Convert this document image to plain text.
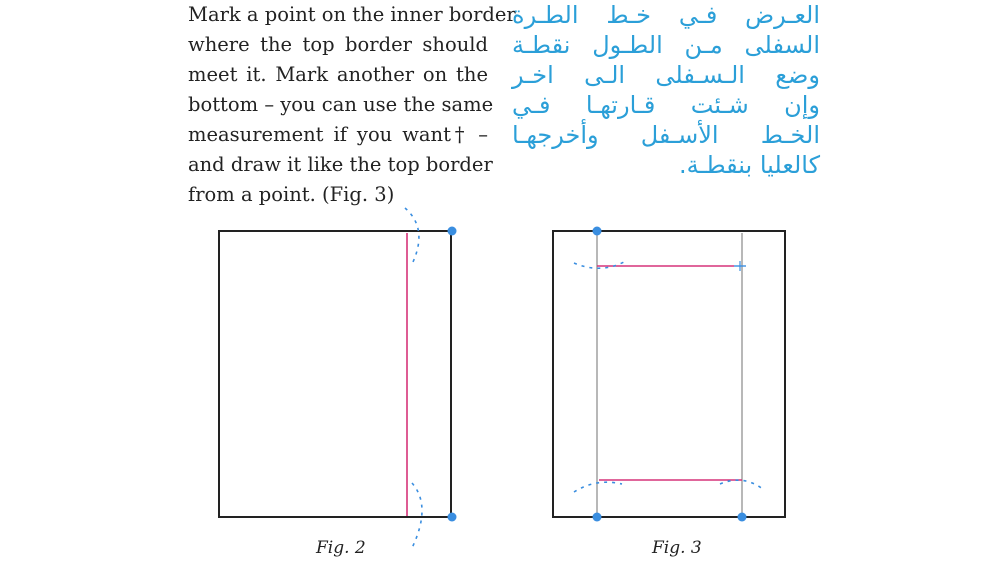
Mark a point on the inner border
where the top border should
meet it. Mark another on the
bottom – you can use the same
measurement if you want† –
and draw it like the top border
from a point. (Fig. 3)
العـرض فـي خـط الطـرة
السفلى مـن الطـول نقطـة
وضع الـسـفلى الـى اخـر
وإن شـئت قـارتهـا فـي
الخـط الأسـفل وأخرجهـا
كالعليا بنقطـة.
Fig. 2	Fig. 3
